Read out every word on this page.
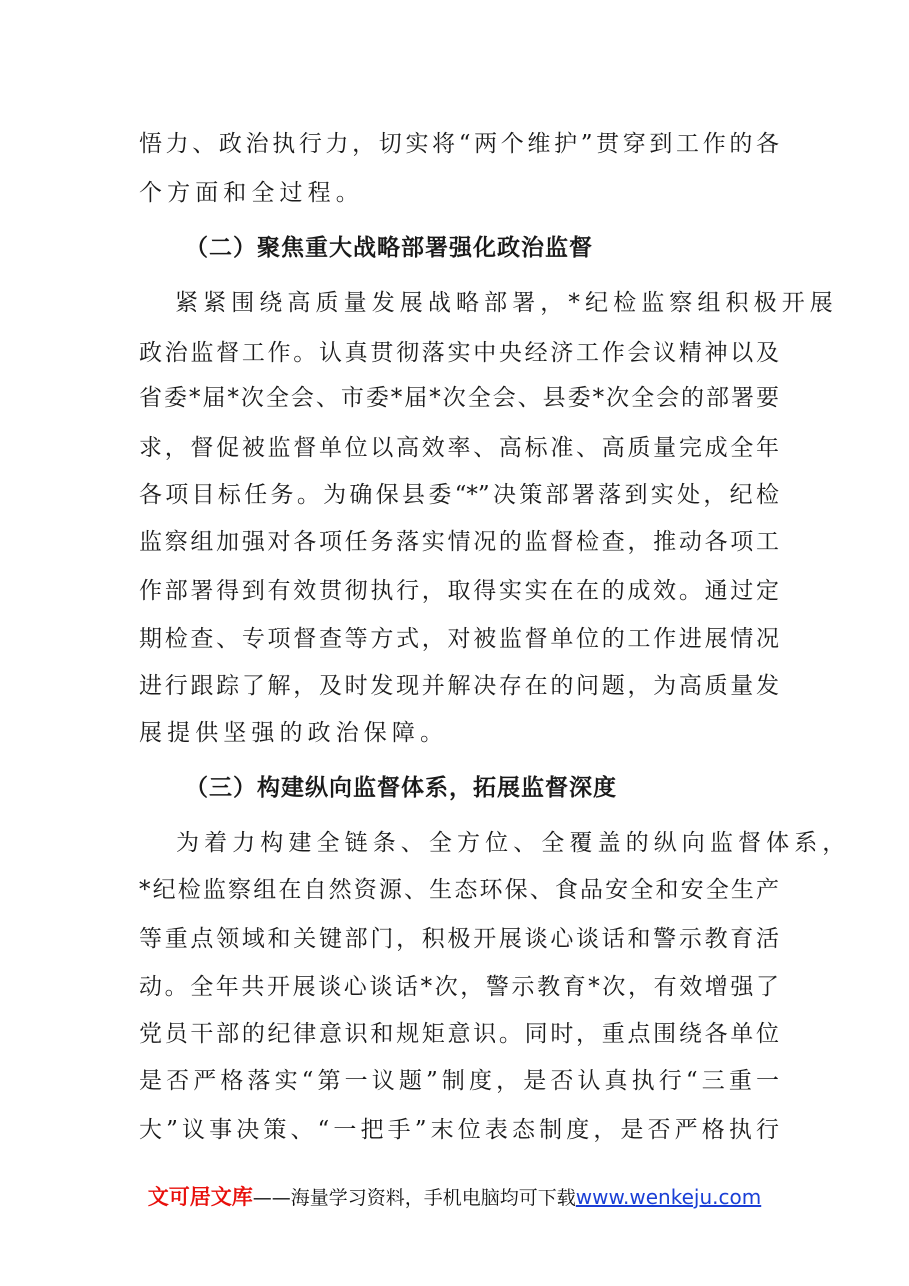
悟力、政治执行力，切实将“两个维护”贯穿到工作的各
个方面和全过程。
（二）聚焦重大战略部署强化政治监督
紧紧围绕高质量发展战略部署，*纪检监察组积极开展
政治监督工作。认真贯彻落实中央经济工作会议精神以及
省委*届*次全会、市委*届*次全会、县委*次全会的部署要
求，督促被监督单位以高效率、高标准、高质量完成全年
各项目标任务。为确保县委“*”决策部署落到实处，纪检
监察组加强对各项任务落实情况的监督检查，推动各项工
作部署得到有效贯彻执行，取得实实在在的成效。通过定
期检查、专项督查等方式，对被监督单位的工作进展情况
进行跟踪了解，及时发现并解决存在的问题，为高质量发
展提供坚强的政治保障。
（三）构建纵向监督体系，拓展监督深度
为着力构建全链条、全方位、全覆盖的纵向监督体系，
*纪检监察组在自然资源、生态环保、食品安全和安全生产
等重点领域和关键部门，积极开展谈心谈话和警示教育活
动。全年共开展谈心谈话*次，警示教育*次，有效增强了
党员干部的纪律意识和规矩意识。同时，重点围绕各单位
是否严格落实“第一议题”制度，是否认真执行“三重一
大”议事决策、“一把手”末位表态制度，是否严格执行
文可居文库——海量学习资料，手机电脑均可下载www.wenkeju.com
